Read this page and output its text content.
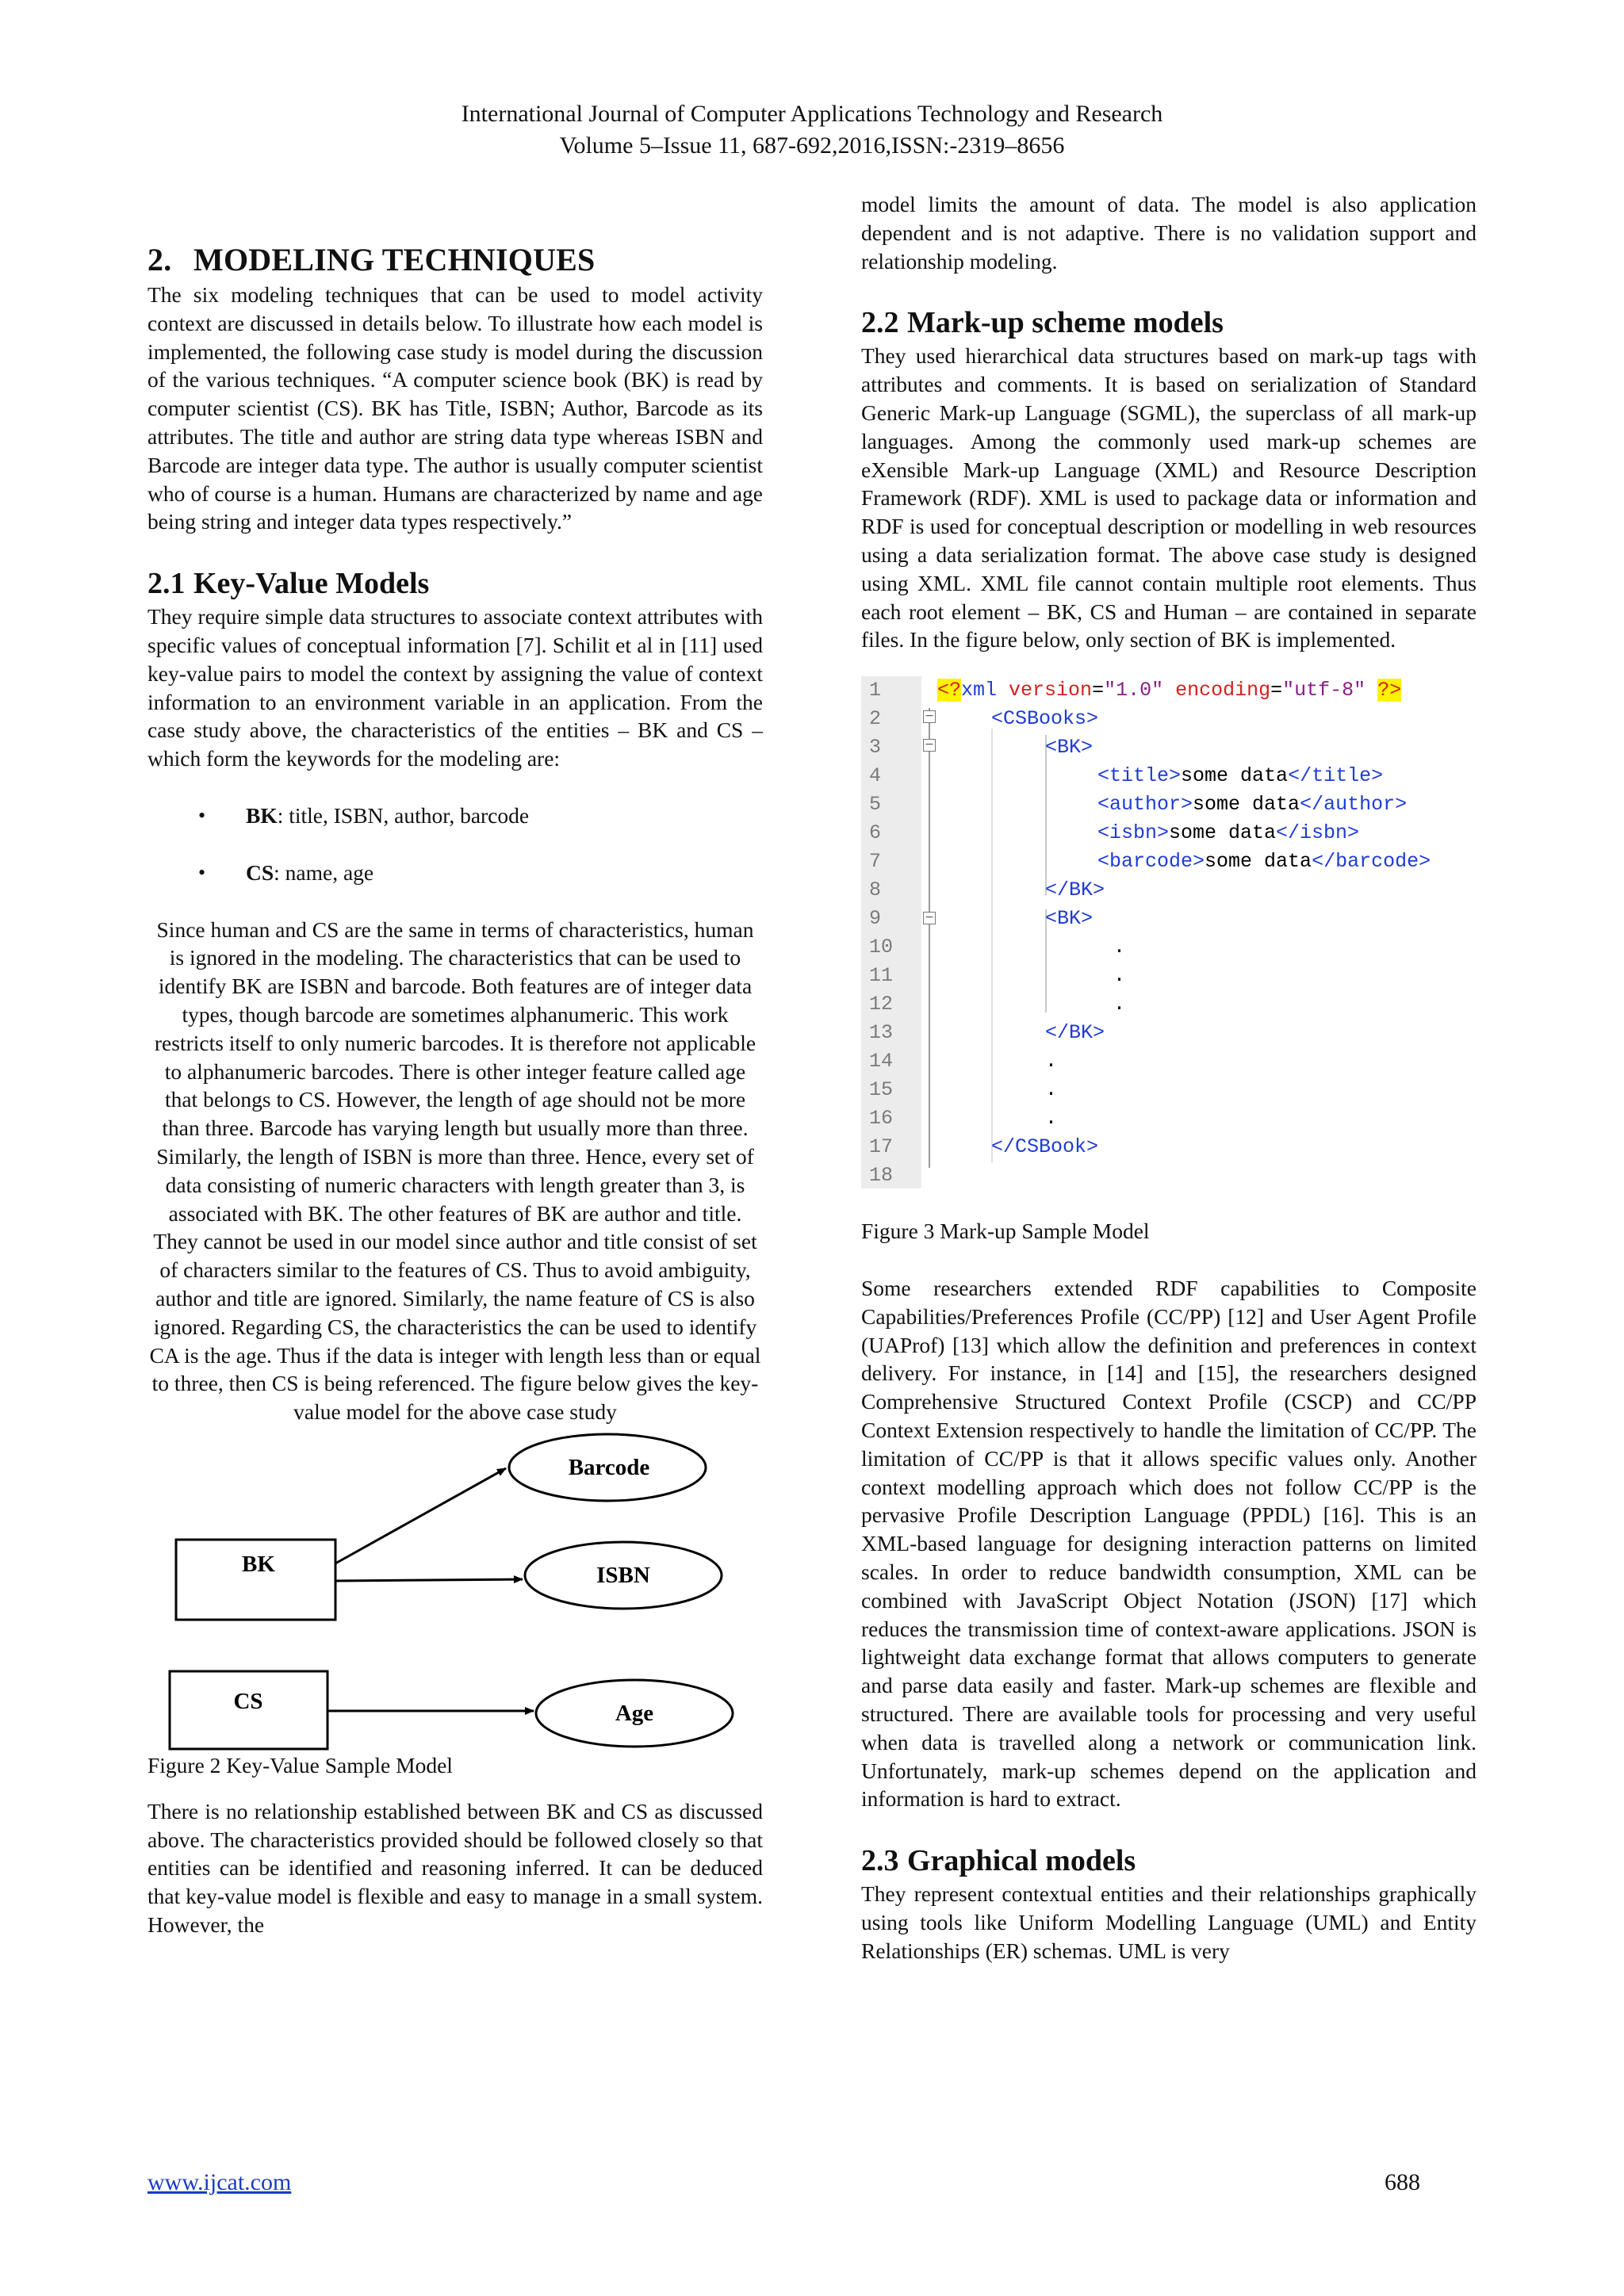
International Journal of Computer Applications Technology and Research
Volume 5–Issue 11, 687-692,2016,ISSN:-2319–8656
2. MODELING TECHNIQUES

The six modeling techniques that can be used to model activity context are discussed in details below. To illustrate how each model is implemented, the following case study is model during the discussion of the various techniques. “A computer science book (BK) is read by computer scientist (CS). BK has Title, ISBN; Author, Barcode as its attributes. The title and author are string data type whereas ISBN and Barcode are integer data type. The author is usually computer scientist who of course is a human. Humans are characterized by name and age being string and integer data types respectively.”

2.1 Key-Value Models

They require simple data structures to associate context attributes with specific values of conceptual information [7]. Schilit et al in [11] used key-value pairs to model the context by assigning the value of context information to an environment variable in an application. From the case study above, the characteristics of the entities – BK and CS – which form the keywords for the modeling are:

• BK: title, ISBN, author, barcode
• CS: name, age

Since human and CS are the same in terms of characteristics, human is ignored in the modeling. The characteristics that can be used to identify BK are ISBN and barcode. Both features are of integer data types, though barcode are sometimes alphanumeric. This work restricts itself to only numeric barcodes. It is therefore not applicable to alphanumeric barcodes. There is other integer feature called age that belongs to CS. However, the length of age should not be more than three. Barcode has varying length but usually more than three. Similarly, the length of ISBN is more than three. Hence, every set of data consisting of numeric characters with length greater than 3, is associated with BK. The other features of BK are author and title. They cannot be used in our model since author and title consist of set of characters similar to the features of CS. Thus to avoid ambiguity, author and title are ignored. Similarly, the name feature of CS is also ignored. Regarding CS, the characteristics the can be used to identify CA is the age. Thus if the data is integer with length less than or equal to three, then CS is being referenced. The figure below gives the key-value model for the above case study

BK
CS
Barcode
ISBN
Age

Figure 2 Key-Value Sample Model

There is no relationship established between BK and CS as discussed above. The characteristics provided should be followed closely so that entities can be identified and reasoning inferred. It can be deduced that key-value model is flexible and easy to manage in a small system. However, the

model limits the amount of data. The model is also application dependent and is not adaptive. There is no validation support and relationship modeling.

2.2 Mark-up scheme models

They used hierarchical data structures based on mark-up tags with attributes and comments. It is based on serialization of Standard Generic Mark-up Language (SGML), the superclass of all mark-up languages. Among the commonly used mark-up schemes are eXensible Mark-up Language (XML) and Resource Description Framework (RDF). XML is used to package data or information and RDF is used for conceptual description or modelling in web resources using a data serialization format. The above case study is designed using XML. XML file cannot contain multiple root elements. Thus each root element – BK, CS and Human – are contained in separate files. In the figure below, only section of BK is implemented.

−
−
−
1	<?xml version="1.0" encoding="utf-8" ?>
2	<CSBooks>
3	<BK>
4	<title>some data</title>
5	<author>some data</author>
6	<isbn>some data</isbn>
7	<barcode>some data</barcode>
8	</BK>
9	<BK>
10	.
11	.
12	.
13	</BK>
14	.
15	.
16	.
17	</CSBook>
18

Figure 3 Mark-up Sample Model

Some researchers extended RDF capabilities to Composite Capabilities/Preferences Profile (CC/PP) [12] and User Agent Profile (UAProf) [13] which allow the definition and preferences in context delivery. For instance, in [14] and [15], the researchers designed Comprehensive Structured Context Profile (CSCP) and CC/PP Context Extension respectively to handle the limitation of CC/PP. The limitation of CC/PP is that it allows specific values only. Another context modelling approach which does not follow CC/PP is the pervasive Profile Description Language (PPDL) [16]. This is an XML-based language for designing interaction patterns on limited scales. In order to reduce bandwidth consumption, XML can be combined with JavaScript Object Notation (JSON) [17] which reduces the transmission time of context-aware applications. JSON is lightweight data exchange format that allows computers to generate and parse data easily and faster. Mark-up schemes are flexible and structured. There are available tools for processing and very useful when data is travelled along a network or communication link. Unfortunately, mark-up schemes depend on the application and information is hard to extract.

2.3 Graphical models

They represent contextual entities and their relationships graphically using tools like Uniform Modelling Language (UML) and Entity Relationships (ER) schemas. UML is very

www.ijcat.com	688
